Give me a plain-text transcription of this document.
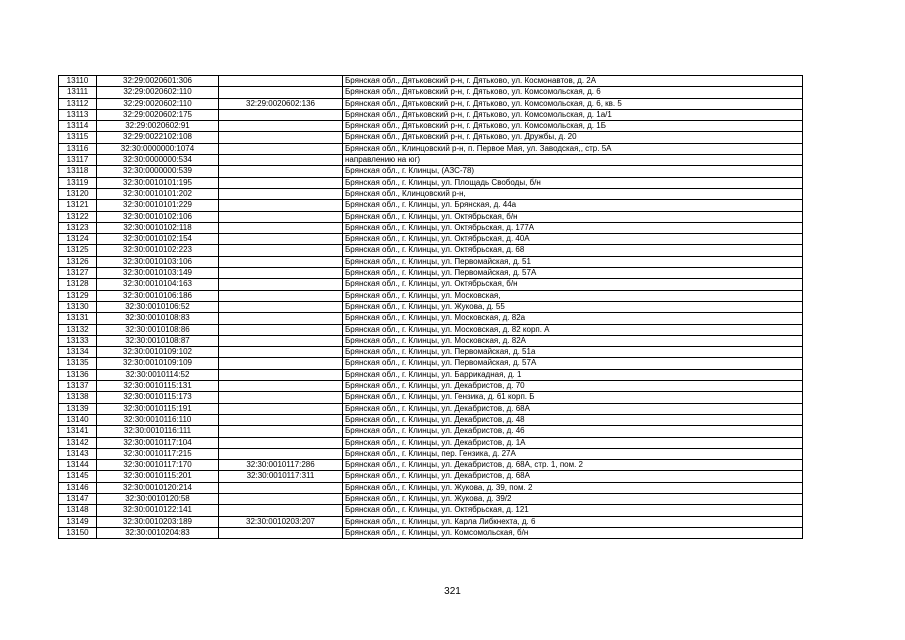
13110	32:29:0020601:306		Брянская обл., Дятьковский р-н, г. Дятьково, ул. Космонавтов, д. 2А
13111	32:29:0020602:110		Брянская обл., Дятьковский р-н, г. Дятьково, ул. Комсомольская, д. 6
13112	32:29:0020602:110	32:29:0020602:136	Брянская обл., Дятьковский р-н, г. Дятьково, ул. Комсомольская, д. 6, кв. 5
13113	32:29:0020602:175		Брянская обл., Дятьковский р-н, г. Дятьково, ул. Комсомольская, д. 1а/1
13114	32:29:0020602:91		Брянская обл., Дятьковский р-н, г. Дятьково, ул. Комсомольская, д. 1Б
13115	32:29:0022102:108		Брянская обл., Дятьковский р-н, г. Дятьково, ул. Дружбы, д. 20
13116	32:30:0000000:1074		Брянская обл., Клинцовский р-н, п. Первое Мая, ул. Заводская,, стр. 5А
13117	32:30:0000000:534		направлению на юг)
13118	32:30:0000000:539		Брянская обл., г. Клинцы, (АЗС-78)
13119	32:30:0010101:195		Брянская обл., г. Клинцы, ул. Площадь Свободы, б/н
13120	32:30:0010101:202		Брянская обл., Клинцовский р-н,
13121	32:30:0010101:229		Брянская обл., г. Клинцы, ул. Брянская, д. 44а
13122	32:30:0010102:106		Брянская обл., г. Клинцы, ул. Октябрьская, б/н
13123	32:30:0010102:118		Брянская обл., г. Клинцы, ул. Октябрьская, д. 177А
13124	32:30:0010102:154		Брянская обл., г. Клинцы, ул. Октябрьская, д. 40А
13125	32:30:0010102:223		Брянская обл., г. Клинцы, ул. Октябрьская, д. 68
13126	32:30:0010103:106		Брянская обл., г. Клинцы, ул. Первомайская, д. 51
13127	32:30:0010103:149		Брянская обл., г. Клинцы, ул. Первомайская, д. 57А
13128	32:30:0010104:163		Брянская обл., г. Клинцы, ул. Октябрьская, б/н
13129	32:30:0010106:186		Брянская обл., г. Клинцы, ул. Московская,
13130	32:30:0010106:52		Брянская обл., г. Клинцы, ул. Жукова, д. 55
13131	32:30:0010108:83		Брянская обл., г. Клинцы, ул. Московская, д. 82а
13132	32:30:0010108:86		Брянская обл., г. Клинцы, ул. Московская, д. 82 корп. А
13133	32:30:0010108:87		Брянская обл., г. Клинцы, ул. Московская, д. 82А
13134	32:30:0010109:102		Брянская обл., г. Клинцы, ул. Первомайская, д. 51а
13135	32:30:0010109:109		Брянская обл., г. Клинцы, ул. Первомайская, д. 57А
13136	32:30:0010114:52		Брянская обл., г. Клинцы, ул. Баррикадная, д. 1
13137	32:30:0010115:131		Брянская обл., г. Клинцы, ул. Декабристов, д. 70
13138	32:30:0010115:173		Брянская обл., г. Клинцы, ул. Гензика, д. 61 корп. Б
13139	32:30:0010115:191		Брянская обл., г. Клинцы, ул. Декабристов, д. 68А
13140	32:30:0010116:110		Брянская обл., г. Клинцы, ул. Декабристов, д. 48
13141	32:30:0010116:111		Брянская обл., г. Клинцы, ул. Декабристов, д. 46
13142	32:30:0010117:104		Брянская обл., г. Клинцы, ул. Декабристов, д. 1А
13143	32:30:0010117:215		Брянская обл., г. Клинцы, пер. Гензика, д. 27А
13144	32:30:0010117:170	32:30:0010117:286	Брянская обл., г. Клинцы, ул. Декабристов, д. 68А, стр. 1, пом. 2
13145	32:30:0010115:201	32:30:0010117:311	Брянская обл., г. Клинцы, ул. Декабристов, д. 68А
13146	32:30:0010120:214		Брянская обл., г. Клинцы, ул. Жукова, д. 39, пом. 2
13147	32:30:0010120:58		Брянская обл., г. Клинцы, ул. Жукова, д. 39/2
13148	32:30:0010122:141		Брянская обл., г. Клинцы, ул. Октябрьская, д. 121
13149	32:30:0010203:189	32:30:0010203:207	Брянская обл., г. Клинцы, ул. Карла Либкнехта, д. 6
13150	32:30:0010204:83		Брянская обл., г. Клинцы, ул. Комсомольская, б/н
321
